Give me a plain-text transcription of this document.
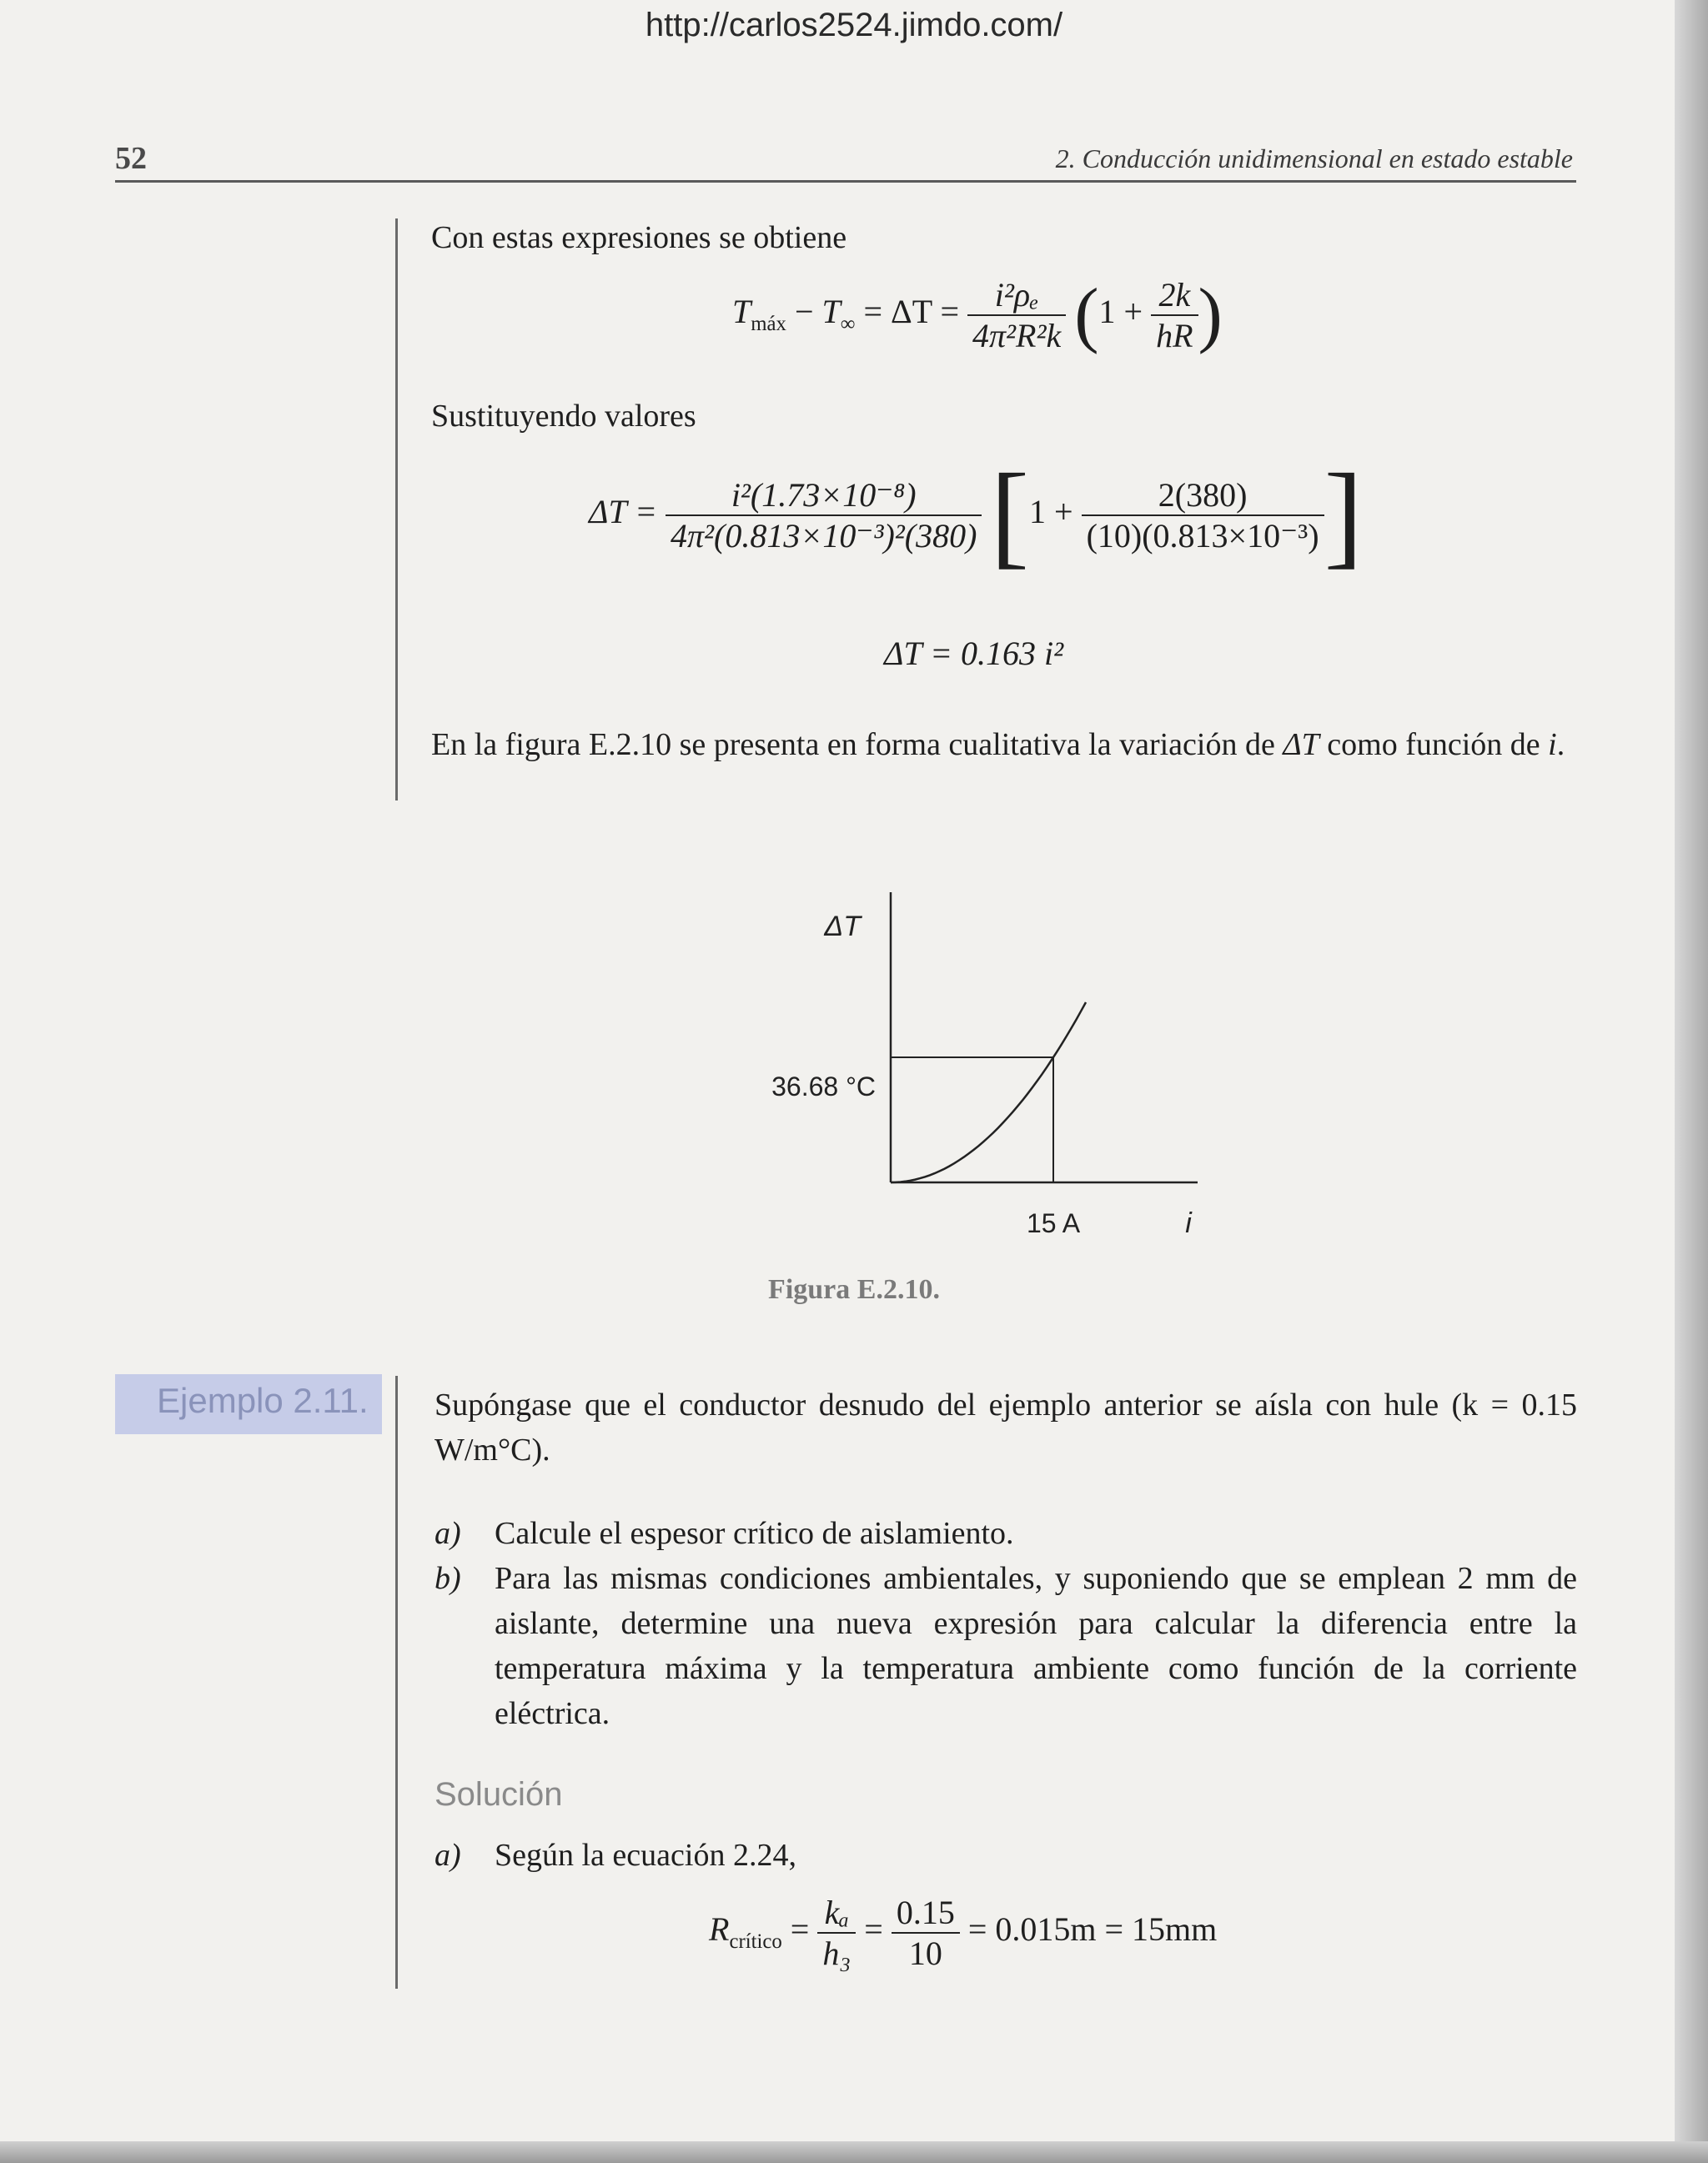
http://carlos2524.jimdo.com/
52	2. Conducción unidimensional en estado estable
Con estas expresiones se obtiene
$T_{máx} - T_\infty = \Delta T = \frac{\text{i²ρₑ}}{\text{4π²R²k}} (1 + \frac{2k}{hR}$ )
Sustituyendo valores
$\Delta T = \frac{\text{i²(1.73×10⁻⁸)}}{\text{4π²(0.813×10⁻³)²(380)}} [1 + \frac{2(380)}{\text{(10)(0.813×10⁻³)}}$ ]
ΔT = 0.163 i²
En la figura E.2.10 se presenta en forma cualitativa la variación de ΔT como función de i.
ΔT
36.68 °C
15 A	i
Figura E.2.10.
Ejemplo 2.11. Supóngase que el conductor desnudo del ejemplo anterior se aísla con hule (k = 0.15 W/m°C).
a) Calcule el espesor crítico de aislamiento.
b) Para las mismas condiciones ambientales, y suponiendo que se emplean 2 mm de aislante, determine una nueva expresión para calcular la diferencia entre la temperatura máxima y la temperatura ambiente como función de la corriente eléctrica.
Solución
a) Según la ecuación 2.24,
$R_{crítico} = \frac{\text{kₐ}}{\text{h₃}} = \frac{0.15}{10} = 0.015m = 15mm$
